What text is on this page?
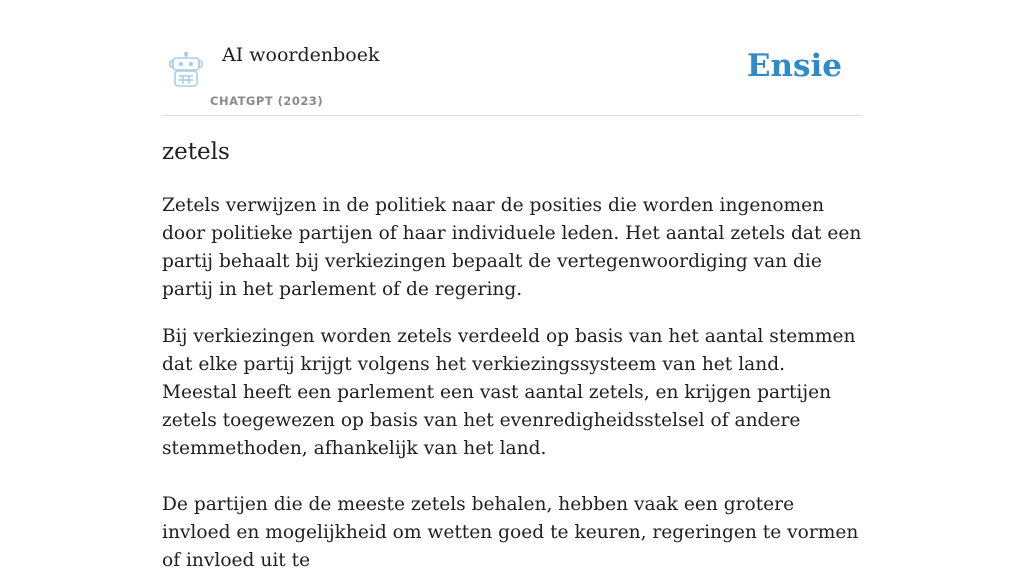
AI woordenboek
CHATGPT (2023)
Ensie
zetels

Zetels verwijzen in de politiek naar de posities die worden ingenomen door politieke partijen of haar individuele leden. Het aantal zetels dat een partij behaalt bij verkiezingen bepaalt de vertegenwoordiging van die partij in het parlement of de regering.

Bij verkiezingen worden zetels verdeeld op basis van het aantal stemmen dat elke partij krijgt volgens het verkiezingssysteem van het land. Meestal heeft een parlement een vast aantal zetels, en krijgen partijen zetels toegewezen op basis van het evenredigheidsstelsel of andere stemmethoden, afhankelijk van het land.

De partijen die de meeste zetels behalen, hebben vaak een grotere invloed en mogelijkheid om wetten goed te keuren, regeringen te vormen of invloed uit te
